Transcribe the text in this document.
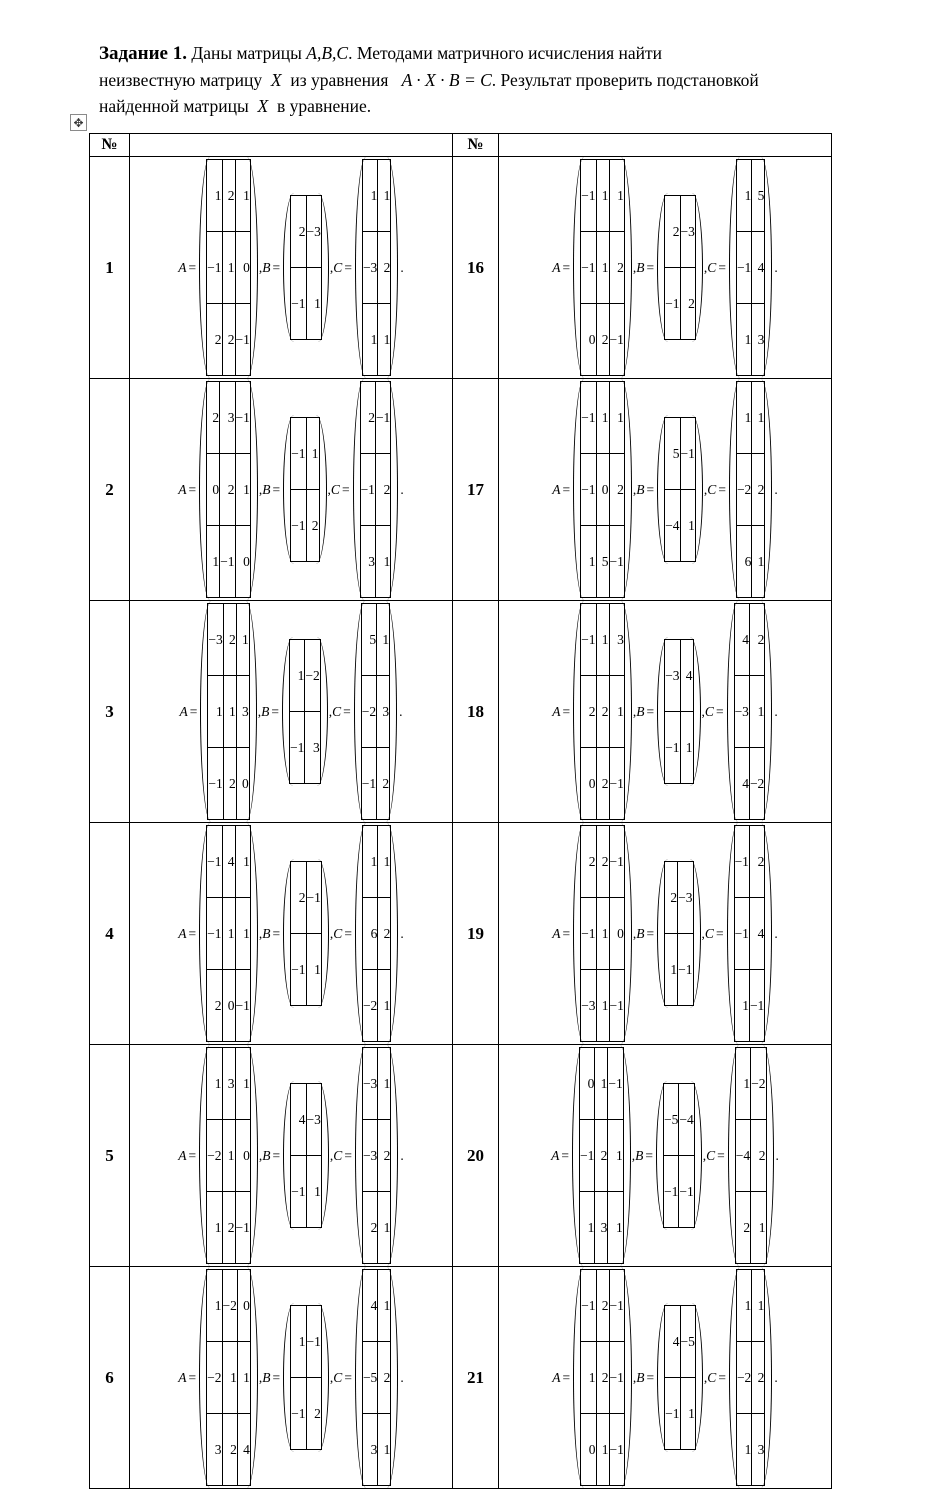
Задание 1. Даны матрицы A,B,C. Методами матричного исчисления найти
неизвестную матрицу  X  из уравнения   A · X · B = C. Результат проверить подстановкой
найденной матрицы  X  в уравнение.
✥
№		№	
1	A =
1	2	1
−1	1	0
2	2	−1
, B =
2	−3
−1	1
, C =
1	1
−3	2
1	1
.	16	A =
−1	1	1
−1	1	2
0	2	−1
, B =
2	−3
−1	2
, C =
1	5
−1	4
1	3
.

2	A =
2	3	−1
0	2	1
1	−1	0
, B =
−1	1
−1	2
, C =
2	−1
−1	2
3	1
.	17	A =
−1	1	1
−1	0	2
1	5	−1
, B =
5	−1
−4	1
, C =
1	1
−2	2
6	1
.

3	A =
−3	2	1
1	1	3
−1	2	0
, B =
1	−2
−1	3
, C =
5	1
−2	3
−1	2
.	18	A =
−1	1	3
2	2	1
0	2	−1
, B =
−3	4
−1	1
, C =
4	2
−3	1
4	−2
.

4	A =
−1	4	1
−1	1	1
2	0	−1
, B =
2	−1
−1	1
, C =
1	1
6	2
−2	1
.	19	A =
2	2	−1
−1	1	0
−3	1	−1
, B =
2	−3
1	−1
, C =
−1	2
−1	4
1	−1
.

5	A =
1	3	1
−2	1	0
1	2	−1
, B =
4	−3
−1	1
, C =
−3	1
−3	2
2	1
.	20	A =
0	1	−1
−1	2	1
1	3	1
, B =
−5	−4
−1	−1
, C =
1	−2
−4	2
2	1
.

6	A =
1	−2	0
−2	1	1
3	2	4
, B =
1	−1
−1	2
, C =
4	1
−5	2
3	1
.	21	A =
−1	2	−1
1	2	−1
0	1	−1
, B =
4	−5
−1	1
, C =
1	1
−2	2
1	3
.
